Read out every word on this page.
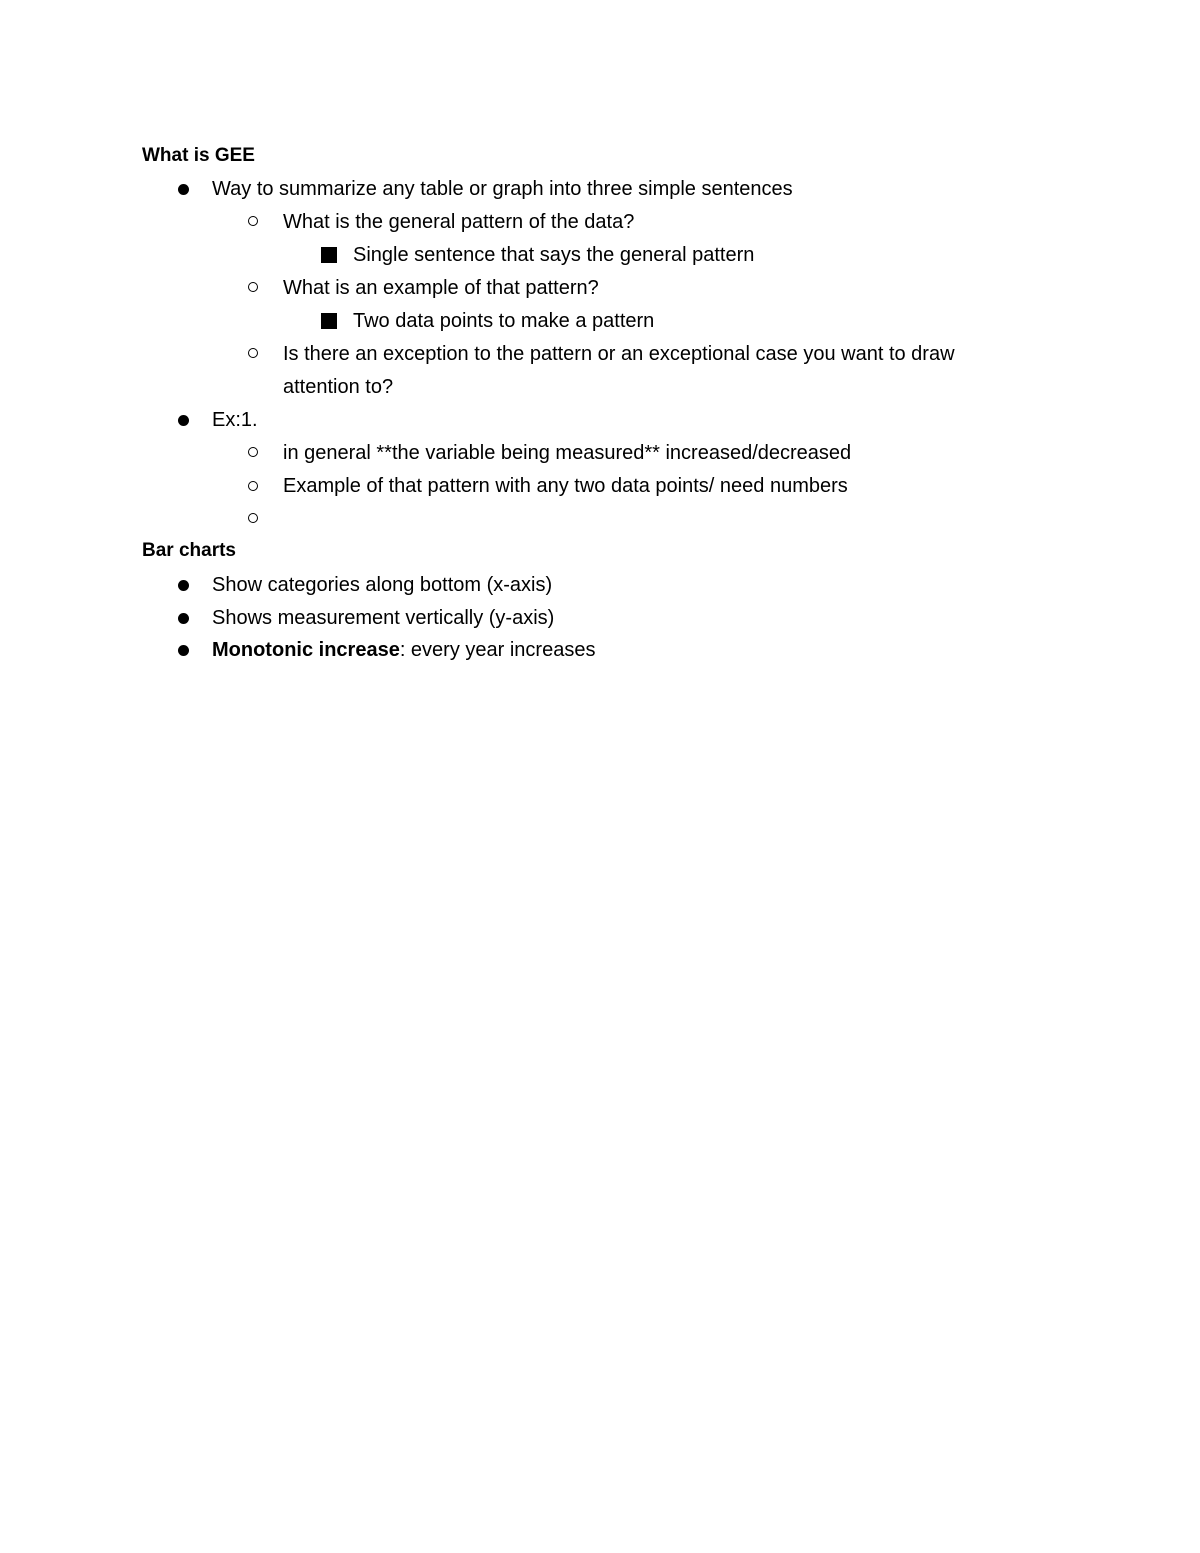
What is GEE
Way to summarize any table or graph into three simple sentences
What is the general pattern of the data?
Single sentence that says the general pattern
What is an example of that pattern?
Two data points to make a pattern
Is there an exception to the pattern or an exceptional case you want to draw
attention to?
Ex:1.
in general **the variable being measured** increased/decreased
Example of that pattern with any two data points/ need numbers
Bar charts
Show categories along bottom (x-axis)
Shows measurement vertically (y-axis)
Monotonic increase: every year increases
